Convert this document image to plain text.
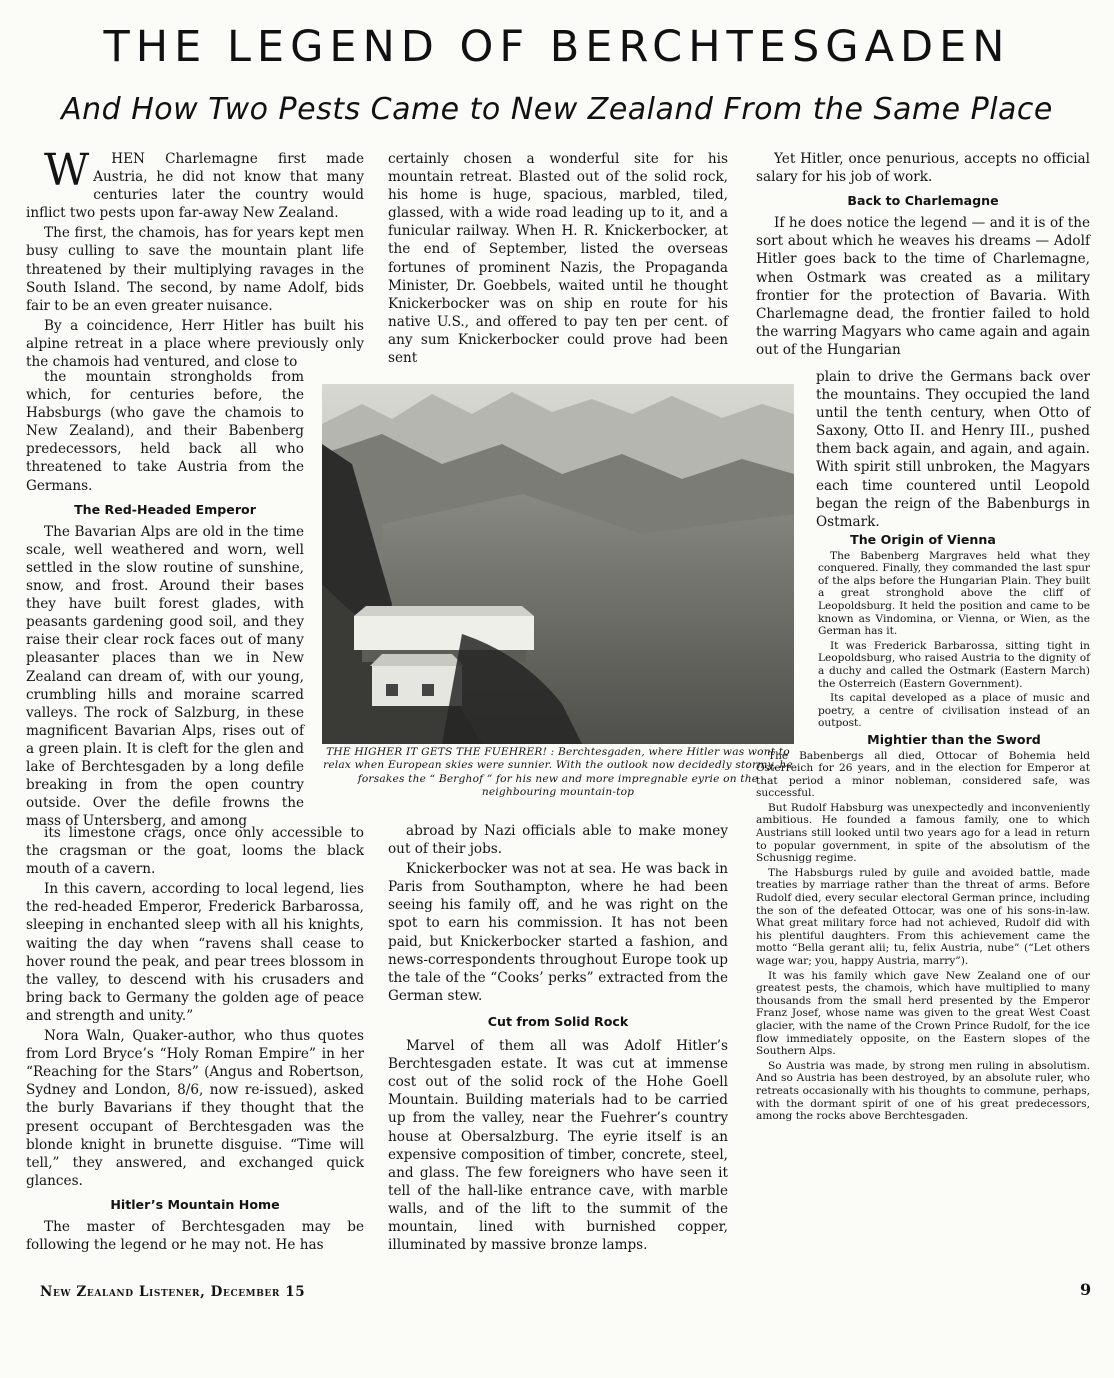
THE LEGEND OF BERCHTESGADEN
And How Two Pests Came to New Zealand From the Same Place

W HEN Charlemagne first made Austria, he did not know that many centuries later the country would inflict two pests upon far-away New Zealand.

The first, the chamois, has for years kept men busy culling to save the mountain plant life threatened by their multiplying ravages in the South Island. The second, by name Adolf, bids fair to be an even greater nuisance.

By a coincidence, Herr Hitler has built his alpine retreat in a place where previously only the chamois had ventured, and close to

the mountain strongholds from which, for centuries before, the Habsburgs (who gave the chamois to New Zealand), and their Babenberg predecessors, held back all who threatened to take Austria from the Germans.

The Red-Headed Emperor

The Bavarian Alps are old in the time scale, well weathered and worn, well settled in the slow routine of sunshine, snow, and frost. Around their bases they have built forest glades, with peasants gardening good soil, and they raise their clear rock faces out of many pleasanter places than we in New Zealand can dream of, with our young, crumbling hills and moraine scarred valleys. The rock of Salzburg, in these magnificent Bavarian Alps, rises out of a green plain. It is cleft for the glen and lake of Berchtesgaden by a long defile breaking in from the open country outside. Over the defile frowns the mass of Untersberg, and among

its limestone crags, once only accessible to the cragsman or the goat, looms the black mouth of a cavern.

In this cavern, according to local legend, lies the red-headed Emperor, Frederick Barbarossa, sleeping in enchanted sleep with all his knights, waiting the day when “ravens shall cease to hover round the peak, and pear trees blossom in the valley, to descend with his crusaders and bring back to Germany the golden age of peace and strength and unity.”

Nora Waln, Quaker-author, who thus quotes from Lord Bryce’s “Holy Roman Empire” in her “Reaching for the Stars” (Angus and Robertson, Sydney and London, 8/6, now re-issued), asked the burly Bavarians if they thought that the present occupant of Berchtesgaden was the blonde knight in brunette disguise. “Time will tell,” they answered, and exchanged quick glances.

Hitler’s Mountain Home

The master of Berchtesgaden may be following the legend or he may not. He has

certainly chosen a wonderful site for his mountain retreat. Blasted out of the solid rock, his home is huge, spacious, marbled, tiled, glassed, with a wide road leading up to it, and a funicular railway. When H. R. Knickerbocker, at the end of September, listed the overseas fortunes of prominent Nazis, the Propaganda Minister, Dr. Goebbels, waited until he thought Knickerbocker was on ship en route for his native U.S., and offered to pay ten per cent. of any sum Knickerbocker could prove had been sent

abroad by Nazi officials able to make money out of their jobs.

Knickerbocker was not at sea. He was back in Paris from Southampton, where he had been seeing his family off, and he was right on the spot to earn his commission. It has not been paid, but Knickerbocker started a fashion, and news-correspondents throughout Europe took up the tale of the “Cooks’ perks” extracted from the German stew.

Cut from Solid Rock

Marvel of them all was Adolf Hitler’s Berchtesgaden estate. It was cut at immense cost out of the solid rock of the Hohe Goell Mountain. Building materials had to be carried up from the valley, near the Fuehrer’s country house at Obersalzburg. The eyrie itself is an expensive composition of timber, concrete, steel, and glass. The few foreigners who have seen it tell of the hall-like entrance cave, with marble walls, and of the lift to the summit of the mountain, lined with burnished copper, illuminated by massive bronze lamps.

Yet Hitler, once penurious, accepts no official salary for his job of work.

Back to Charlemagne

If he does notice the legend — and it is of the sort about which he weaves his dreams — Adolf Hitler goes back to the time of Charlemagne, when Ostmark was created as a military frontier for the protection of Bavaria. With Charlemagne dead, the frontier failed to hold the warring Magyars who came again and again out of the Hungarian

plain to drive the Germans back over the mountains. They occupied the land until the tenth century, when Otto of Saxony, Otto II. and Henry III., pushed them back again, and again, and again. With spirit still unbroken, the Magyars each time countered until Leopold began the reign of the Babenburgs in Ostmark.

The Origin of Vienna

The Babenberg Margraves held what they conquered. Finally, they commanded the last spur of the alps before the Hungarian Plain. They built a great stronghold above the cliff of Leopoldsburg. It held the position and came to be known as Vindomina, or Vienna, or Wien, as the German has it.

It was Frederick Barbarossa, sitting tight in Leopoldsburg, who raised Austria to the dignity of a duchy and called the Ostmark (Eastern March) the Osterreich (Eastern Government).

Its capital developed as a place of music and poetry, a centre of civilisation instead of an outpost.

Mightier than the Sword

The Babenbergs all died, Ottocar of Bohemia held Osterreich for 26 years, and in the election for Emperor at that period a minor nobleman, considered safe, was successful.

But Rudolf Habsburg was unexpectedly and inconveniently ambitious. He founded a famous family, one to which Austrians still looked until two years ago for a lead in return to popular government, in spite of the absolutism of the Schusnigg regime.

The Habsburgs ruled by guile and avoided battle, made treaties by marriage rather than the threat of arms. Before Rudolf died, every secular electoral German prince, including the son of the defeated Ottocar, was one of his sons-in-law. What great military force had not achieved, Rudolf did with his plentiful daughters. From this achievement came the motto “Bella gerant alii; tu, felix Austria, nube” (“Let others wage war; you, happy Austria, marry”).

It was his family which gave New Zealand one of our greatest pests, the chamois, which have multiplied to many thousands from the small herd presented by the Emperor Franz Josef, whose name was given to the great West Coast glacier, with the name of the Crown Prince Rudolf, for the ice flow immediately opposite, on the Eastern slopes of the Southern Alps.

So Austria was made, by strong men ruling in absolutism. And so Austria has been destroyed, by an absolute ruler, who retreats occasionally with his thoughts to commune, perhaps, with the dormant spirit of one of his great predecessors, among the rocks above Berchtesgaden.

THE HIGHER IT GETS THE FUEHRER! : Berchtesgaden, where Hitler was wont to relax when European skies were sunnier. With the outlook now decidedly stormy, he forsakes the “ Berghof ” for his new and more impregnable eyrie on the neighbouring mountain-top
New Zealand Listener, December 15	9
